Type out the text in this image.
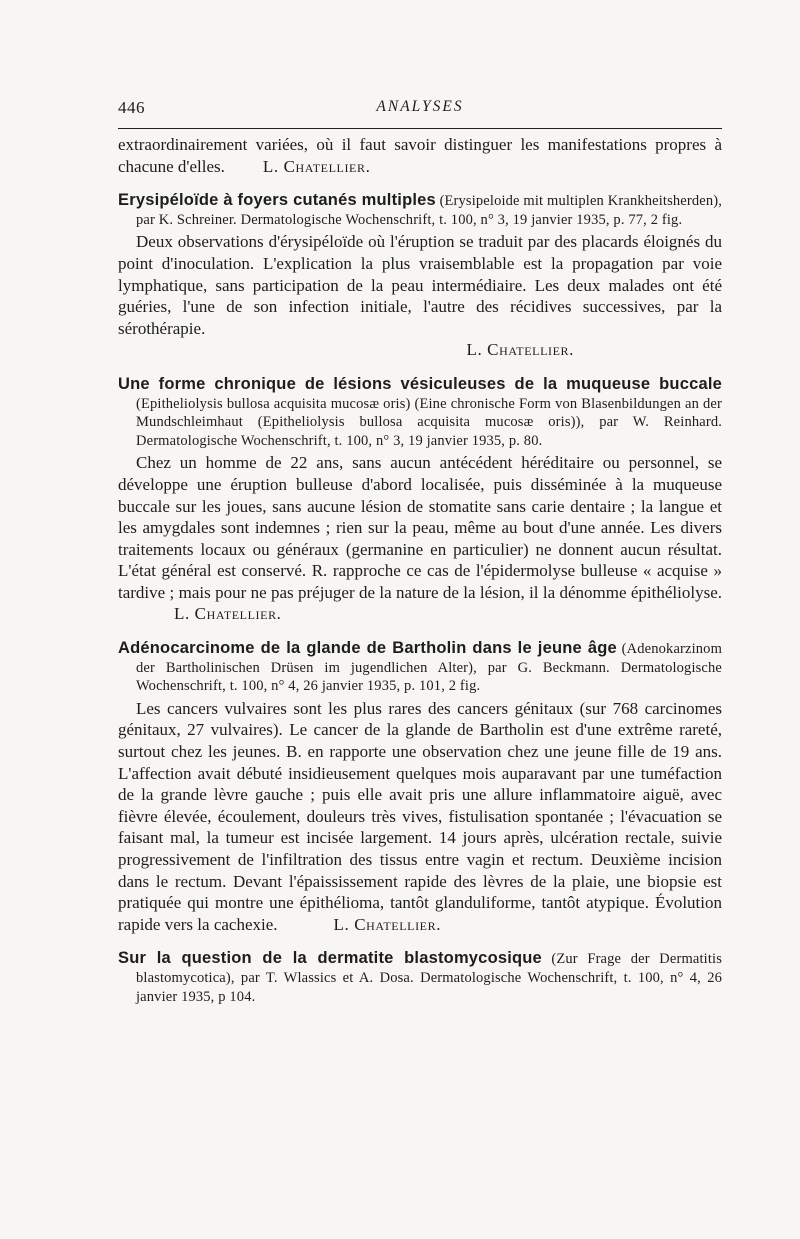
446	ANALYSES

extraordinairement variées, où il faut savoir distinguer les manifestations propres à chacune d'elles. L. Chatellier.

Erysipéloïde à foyers cutanés multiples (Erysipeloide mit multiplen Krankheitsherden), par K. Schreiner. Dermatologische Wochenschrift, t. 100, n° 3, 19 janvier 1935, p. 77, 2 fig.

Deux observations d'érysipéloïde où l'éruption se traduit par des placards éloignés du point d'inoculation. L'explication la plus vraisemblable est la propagation par voie lymphatique, sans participation de la peau intermédiaire. Les deux malades ont été guéries, l'une de son infection initiale, l'autre des récidives successives, par la sérothérapie.

L. Chatellier.

Une forme chronique de lésions vésiculeuses de la muqueuse buccale (Epitheliolysis bullosa acquisita mucosæ oris) (Eine chronische Form von Blasenbildungen an der Mundschleimhaut (Epitheliolysis bullosa acquisita mucosæ oris)), par W. Reinhard. Dermatologische Wochenschrift, t. 100, n° 3, 19 janvier 1935, p. 80.

Chez un homme de 22 ans, sans aucun antécédent héréditaire ou personnel, se développe une éruption bulleuse d'abord localisée, puis disséminée à la muqueuse buccale sur les joues, sans aucune lésion de stomatite sans carie dentaire ; la langue et les amygdales sont indemnes ; rien sur la peau, même au bout d'une année. Les divers traitements locaux ou généraux (germanine en particulier) ne donnent aucun résultat. L'état général est conservé. R. rapproche ce cas de l'épidermolyse bulleuse « acquise » tardive ; mais pour ne pas préjuger de la nature de la lésion, il la dénomme épithéliolyse.L. Chatellier.

Adénocarcinome de la glande de Bartholin dans le jeune âge (Adenokarzinom der Bartholinischen Drüsen im jugendlichen Alter), par G. Beckmann. Dermatologische Wochenschrift, t. 100, n° 4, 26 janvier 1935, p. 101, 2 fig.

Les cancers vulvaires sont les plus rares des cancers génitaux (sur 768 carcinomes génitaux, 27 vulvaires). Le cancer de la glande de Bartholin est d'une extrême rareté, surtout chez les jeunes. B. en rapporte une observation chez une jeune fille de 19 ans. L'affection avait débuté insidieusement quelques mois auparavant par une tuméfaction de la grande lèvre gauche ; puis elle avait pris une allure inflammatoire aiguë, avec fièvre élevée, écoulement, douleurs très vives, fistulisation spontanée ; l'évacuation se faisant mal, la tumeur est incisée largement. 14 jours après, ulcération rectale, suivie progressivement de l'infiltration des tissus entre vagin et rectum. Deuxième incision dans le rectum. Devant l'épaississement rapide des lèvres de la plaie, une biopsie est pratiquée qui montre une épithélioma, tantôt glanduliforme, tantôt atypique. Évolution rapide vers la cachexie.	L. Chatellier.

Sur la question de la dermatite blastomycosique (Zur Frage der Dermatitis blastomycotica), par T. Wlassics et A. Dosa. Dermatologische Wochenschrift, t. 100, n° 4, 26 janvier 1935, p 104.
